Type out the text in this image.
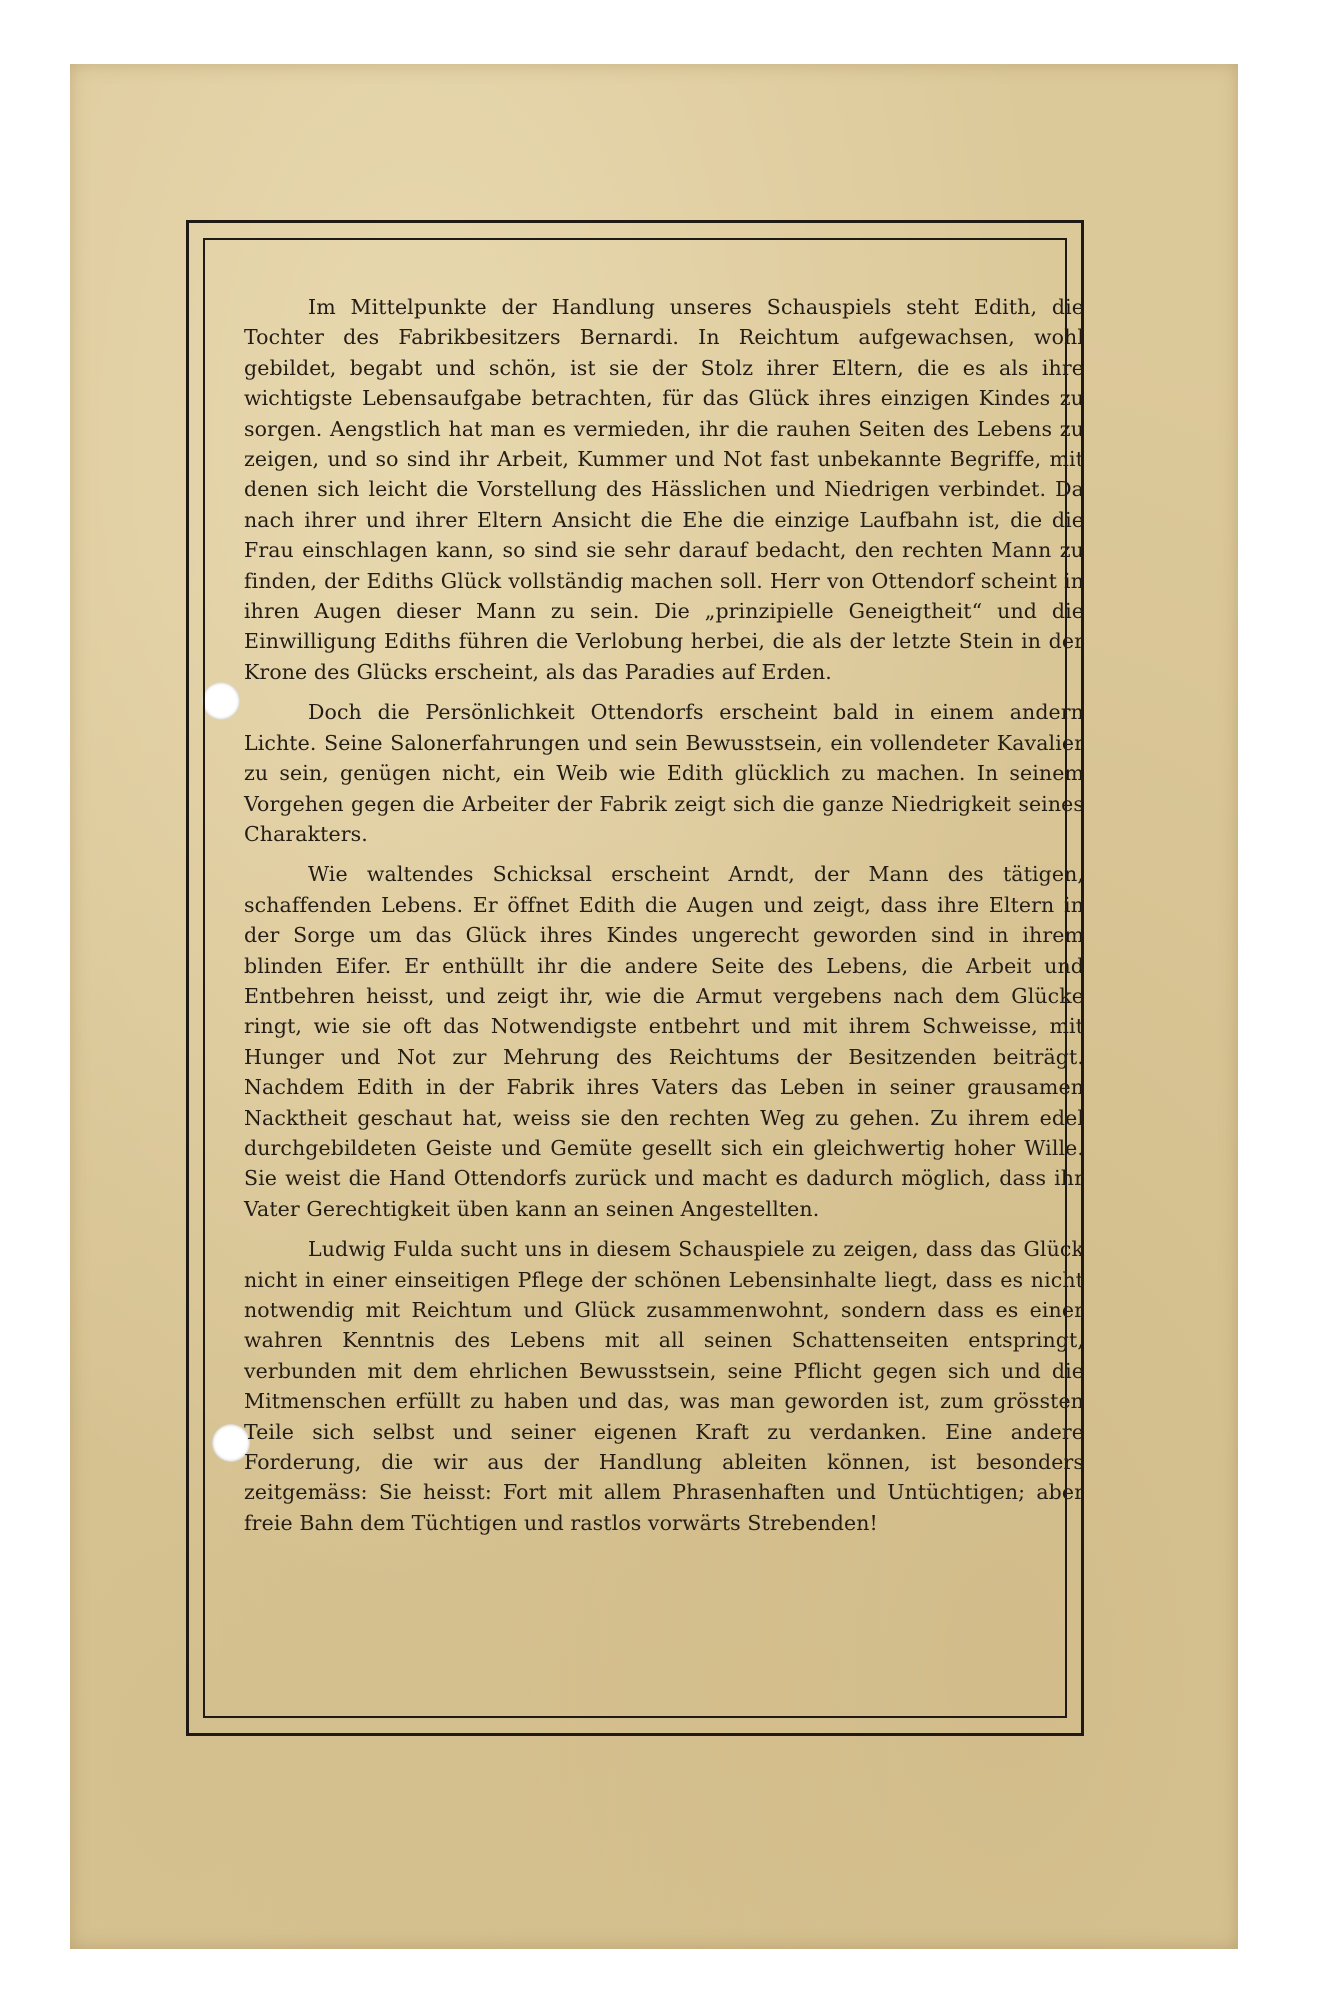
Im Mittelpunkte der Handlung unseres Schauspiels steht Edith, die Tochter des Fabrikbesitzers Bernardi. In Reichtum aufgewachsen, wohl gebildet, begabt und schön, ist sie der Stolz ihrer Eltern, die es als ihre wichtigste Lebensaufgabe betrachten, für das Glück ihres einzigen Kindes zu sorgen. Aengstlich hat man es vermieden, ihr die rauhen Seiten des Lebens zu zeigen, und so sind ihr Arbeit, Kummer und Not fast unbekannte Begriffe, mit denen sich leicht die Vorstellung des Hässlichen und Niedrigen verbindet. Da nach ihrer und ihrer Eltern Ansicht die Ehe die einzige Laufbahn ist, die die Frau einschlagen kann, so sind sie sehr darauf bedacht, den rechten Mann zu finden, der Ediths Glück vollständig machen soll. Herr von Ottendorf scheint in ihren Augen dieser Mann zu sein. Die „prinzipielle Geneigtheit“ und die Einwilligung Ediths führen die Verlobung herbei, die als der letzte Stein in der Krone des Glücks erscheint, als das Paradies auf Erden.

Doch die Persönlichkeit Ottendorfs erscheint bald in einem andern Lichte. Seine Salonerfahrungen und sein Bewusstsein, ein vollendeter Kavalier zu sein, genügen nicht, ein Weib wie Edith glücklich zu machen. In seinem Vorgehen gegen die Arbeiter der Fabrik zeigt sich die ganze Niedrigkeit seines Charakters.

Wie waltendes Schicksal erscheint Arndt, der Mann des tätigen, schaffenden Lebens. Er öffnet Edith die Augen und zeigt, dass ihre Eltern in der Sorge um das Glück ihres Kindes ungerecht geworden sind in ihrem blinden Eifer. Er enthüllt ihr die andere Seite des Lebens, die Arbeit und Entbehren heisst, und zeigt ihr, wie die Armut vergebens nach dem Glücke ringt, wie sie oft das Notwendigste entbehrt und mit ihrem Schweisse, mit Hunger und Not zur Mehrung des Reichtums der Besitzenden beiträgt. Nachdem Edith in der Fabrik ihres Vaters das Leben in seiner grausamen Nacktheit geschaut hat, weiss sie den rechten Weg zu gehen. Zu ihrem edel durchgebildeten Geiste und Gemüte gesellt sich ein gleichwertig hoher Wille. Sie weist die Hand Ottendorfs zurück und macht es dadurch möglich, dass ihr Vater Gerechtigkeit üben kann an seinen Angestellten.

Ludwig Fulda sucht uns in diesem Schauspiele zu zeigen, dass das Glück nicht in einer einseitigen Pflege der schönen Lebensinhalte liegt, dass es nicht notwendig mit Reichtum und Glück zusammenwohnt, sondern dass es einer wahren Kenntnis des Lebens mit all seinen Schattenseiten entspringt, verbunden mit dem ehrlichen Bewusstsein, seine Pflicht gegen sich und die Mitmenschen erfüllt zu haben und das, was man geworden ist, zum grössten Teile sich selbst und seiner eigenen Kraft zu verdanken. Eine andere Forderung, die wir aus der Handlung ableiten können, ist besonders zeitgemäss: Sie heisst: Fort mit allem Phrasenhaften und Untüchtigen; aber freie Bahn dem Tüchtigen und rastlos vorwärts Strebenden!
